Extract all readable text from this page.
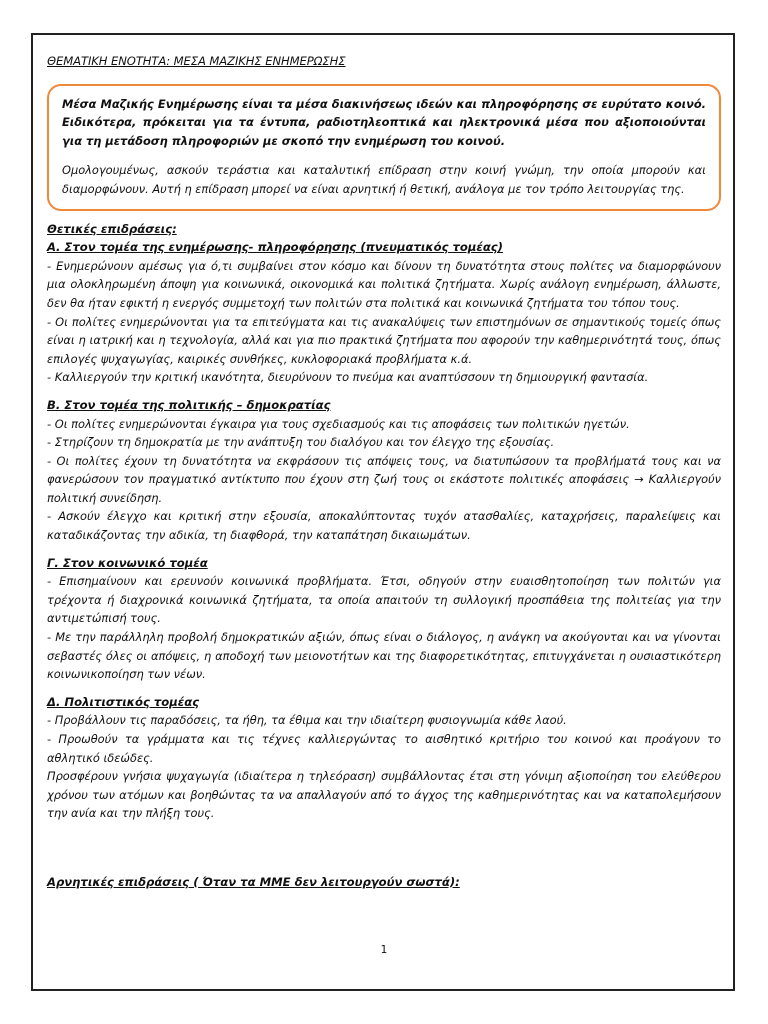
ΘΕΜΑΤΙΚΗ ΕΝΟΤΗΤΑ: ΜΕΣΑ ΜΑΖΙΚΗΣ ΕΝΗΜΕΡΩΣΗΣ

Μέσα Μαζικής Ενημέρωσης είναι τα μέσα διακινήσεως ιδεών και πληροφόρησης σε ευρύτατο κοινό. Ειδικότερα, πρόκειται για τα έντυπα, ραδιοτηλεοπτικά και ηλεκτρονικά μέσα που αξιοποιούνται για τη μετάδοση πληροφοριών με σκοπό την ενημέρωση του κοινού.

Ομολογουμένως, ασκούν τεράστια και καταλυτική επίδραση στην κοινή γνώμη, την οποία μπορούν και διαμορφώνουν. Αυτή η επίδραση μπορεί να είναι αρνητική ή θετική, ανάλογα με τον τρόπο λειτουργίας της.

Θετικές επιδράσεις:
Α. Στον τομέα της ενημέρωσης- πληροφόρησης (πνευματικός τομέας)

- Ενημερώνουν αμέσως για ό,τι συμβαίνει στον κόσμο και δίνουν τη δυνατότητα στους πολίτες να διαμορφώνουν μια ολοκληρωμένη άποψη για κοινωνικά, οικονομικά και πολιτικά ζητήματα. Χωρίς ανάλογη ενημέρωση, άλλωστε, δεν θα ήταν εφικτή η ενεργός συμμετοχή των πολιτών στα πολιτικά και κοινωνικά ζητήματα του τόπου τους.

- Οι πολίτες ενημερώνονται για τα επιτεύγματα και τις ανακαλύψεις των επιστημόνων σε σημαντικούς τομείς όπως είναι η ιατρική και η τεχνολογία, αλλά και για πιο πρακτικά ζητήματα που αφορούν την καθημερινότητά τους, όπως επιλογές ψυχαγωγίας, καιρικές συνθήκες, κυκλοφοριακά προβλήματα κ.ά.

- Καλλιεργούν την κριτική ικανότητα, διευρύνουν το πνεύμα και αναπτύσσουν τη δημιουργική φαντασία.

Β. Στον τομέα της πολιτικής – δημοκρατίας

- Οι πολίτες ενημερώνονται έγκαιρα για τους σχεδιασμούς και τις αποφάσεις των πολιτικών ηγετών.

- Στηρίζουν τη δημοκρατία με την ανάπτυξη του διαλόγου και τον έλεγχο της εξουσίας.

- Οι πολίτες έχουν τη δυνατότητα να εκφράσουν τις απόψεις τους, να διατυπώσουν τα προβλήματά τους και να φανερώσουν τον πραγματικό αντίκτυπο που έχουν στη ζωή τους οι εκάστοτε πολιτικές αποφάσεις → Καλλιεργούν πολιτική συνείδηση.

- Ασκούν έλεγχο και κριτική στην εξουσία, αποκαλύπτοντας τυχόν ατασθαλίες, καταχρήσεις, παραλείψεις και καταδικάζοντας την αδικία, τη διαφθορά, την καταπάτηση δικαιωμάτων.

Γ. Στον κοινωνικό τομέα

- Επισημαίνουν και ερευνούν κοινωνικά προβλήματα. Έτσι, οδηγούν στην ευαισθητοποίηση των πολιτών για τρέχοντα ή διαχρονικά κοινωνικά ζητήματα, τα οποία απαιτούν τη συλλογική προσπάθεια της πολιτείας για την αντιμετώπισή τους.

- Με την παράλληλη προβολή δημοκρατικών αξιών, όπως είναι ο διάλογος, η ανάγκη να ακούγονται και να γίνονται σεβαστές όλες οι απόψεις, η αποδοχή των μειονοτήτων και της διαφορετικότητας, επιτυγχάνεται η ουσιαστικότερη κοινωνικοποίηση των νέων.

Δ. Πολιτιστικός τομέας

- Προβάλλουν τις παραδόσεις, τα ήθη, τα έθιμα και την ιδιαίτερη φυσιογνωμία κάθε λαού.

- Προωθούν τα γράμματα και τις τέχνες καλλιεργώντας το αισθητικό κριτήριο του κοινού και προάγουν το αθλητικό ιδεώδες.

Προσφέρουν γνήσια ψυχαγωγία (ιδιαίτερα η τηλεόραση) συμβάλλοντας έτσι στη γόνιμη αξιοποίηση του ελεύθερου χρόνου των ατόμων και βοηθώντας τα να απαλλαγούν από το άγχος της καθημερινότητας και να καταπολεμήσουν την ανία και την πλήξη τους.

Αρνητικές επιδράσεις ( Όταν τα ΜΜΕ δεν λειτουργούν σωστά):
1
